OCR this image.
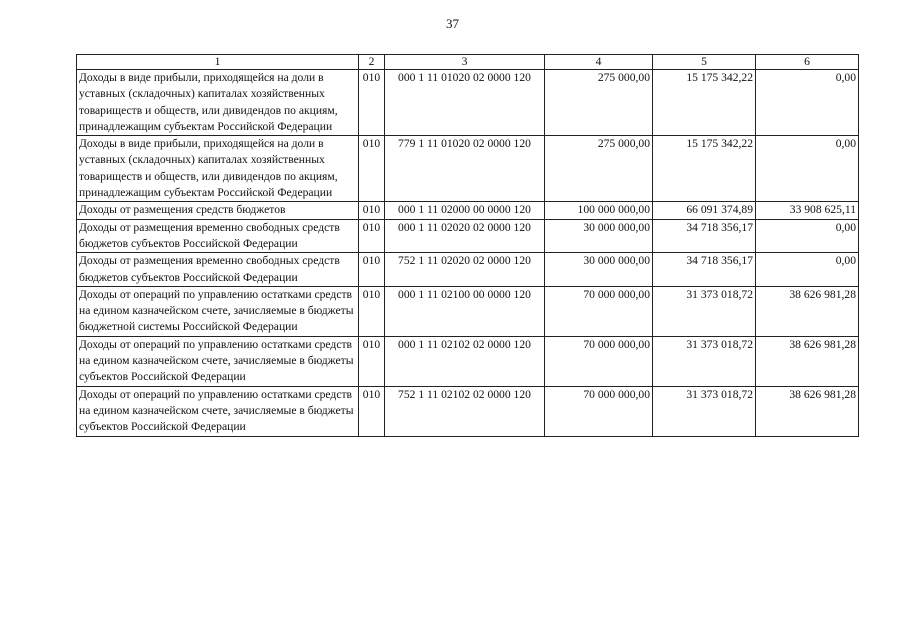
37
1	2	3	4	5	6
Доходы в виде прибыли, приходящейся на доли в уставных (складочных) капиталах хозяйственных товариществ и обществ, или дивидендов по акциям, принадлежащим субъектам Российской Федерации	010	000 1 11 01020 02 0000 120	275 000,00	15 175 342,22	0,00
Доходы в виде прибыли, приходящейся на доли в уставных (складочных) капиталах хозяйственных товариществ и обществ, или дивидендов по акциям, принадлежащим субъектам Российской Федерации	010	779 1 11 01020 02 0000 120	275 000,00	15 175 342,22	0,00
Доходы от размещения средств бюджетов	010	000 1 11 02000 00 0000 120	100 000 000,00	66 091 374,89	33 908 625,11
Доходы от размещения временно свободных средств бюджетов субъектов Российской Федерации	010	000 1 11 02020 02 0000 120	30 000 000,00	34 718 356,17	0,00
Доходы от размещения временно свободных средств бюджетов субъектов Российской Федерации	010	752 1 11 02020 02 0000 120	30 000 000,00	34 718 356,17	0,00
Доходы от операций по управлению остатками средств на едином казначейском счете, зачисляемые в бюджеты бюджетной системы Российской Федерации	010	000 1 11 02100 00 0000 120	70 000 000,00	31 373 018,72	38 626 981,28
Доходы от операций по управлению остатками средств на едином казначейском счете, зачисляемые в бюджеты субъектов Российской Федерации	010	000 1 11 02102 02 0000 120	70 000 000,00	31 373 018,72	38 626 981,28
Доходы от операций по управлению остатками средств на едином казначейском счете, зачисляемые в бюджеты субъектов Российской Федерации	010	752 1 11 02102 02 0000 120	70 000 000,00	31 373 018,72	38 626 981,28
